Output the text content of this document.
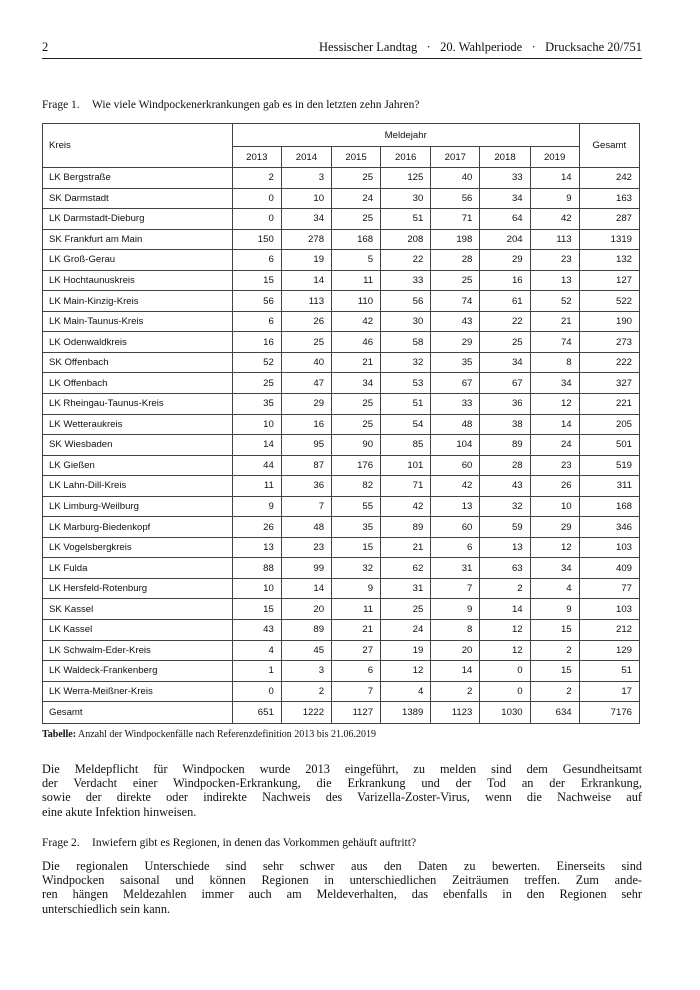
2	Hessischer Landtag   ·   20. Wahlperiode   ·   Drucksache 20/751
Frage 1. Wie viele Windpockenerkrankungen gab es in den letzten zehn Jahren?
Kreis	Meldejahr							Gesamt
	2013	2014	2015	2016	2017	2018	2019	
LK Bergstraße	2	3	25	125	40	33	14	242
SK Darmstadt	0	10	24	30	56	34	9	163
LK Darmstadt-Dieburg	0	34	25	51	71	64	42	287
SK Frankfurt am Main	150	278	168	208	198	204	113	1319
LK Groß-Gerau	6	19	5	22	28	29	23	132
LK Hochtaunuskreis	15	14	11	33	25	16	13	127
LK Main-Kinzig-Kreis	56	113	110	56	74	61	52	522
LK Main-Taunus-Kreis	6	26	42	30	43	22	21	190
LK Odenwaldkreis	16	25	46	58	29	25	74	273
SK Offenbach	52	40	21	32	35	34	8	222
LK Offenbach	25	47	34	53	67	67	34	327
LK Rheingau-Taunus-Kreis	35	29	25	51	33	36	12	221
LK Wetteraukreis	10	16	25	54	48	38	14	205
SK Wiesbaden	14	95	90	85	104	89	24	501
LK Gießen	44	87	176	101	60	28	23	519
LK Lahn-Dill-Kreis	11	36	82	71	42	43	26	311
LK Limburg-Weilburg	9	7	55	42	13	32	10	168
LK Marburg-Biedenkopf	26	48	35	89	60	59	29	346
LK Vogelsbergkreis	13	23	15	21	6	13	12	103
LK Fulda	88	99	32	62	31	63	34	409
LK Hersfeld-Rotenburg	10	14	9	31	7	2	4	77
SK Kassel	15	20	11	25	9	14	9	103
LK Kassel	43	89	21	24	8	12	15	212
LK Schwalm-Eder-Kreis	4	45	27	19	20	12	2	129
LK Waldeck-Frankenberg	1	3	6	12	14	0	15	51
LK Werra-Meißner-Kreis	0	2	7	4	2	0	2	17
Gesamt	651	1222	1127	1389	1123	1030	634	7176
Tabelle: Anzahl der Windpockenfälle nach Referenzdefinition 2013 bis 21.06.2019
Die Meldepflicht für Windpocken wurde 2013 eingeführt, zu melden sind dem Gesundheitsamt
der Verdacht einer Windpocken-Erkrankung, die Erkrankung und der Tod an der Erkrankung,
sowie der direkte oder indirekte Nachweis des Varizella-Zoster-Virus, wenn die Nachweise auf
eine akute Infektion hinweisen.
Frage 2. Inwiefern gibt es Regionen, in denen das Vorkommen gehäuft auftritt?
Die regionalen Unterschiede sind sehr schwer aus den Daten zu bewerten. Einerseits sind
Windpocken saisonal und können Regionen in unterschiedlichen Zeiträumen treffen. Zum ande-
ren hängen Meldezahlen immer auch am Meldeverhalten, das ebenfalls in den Regionen sehr
unterschiedlich sein kann.
